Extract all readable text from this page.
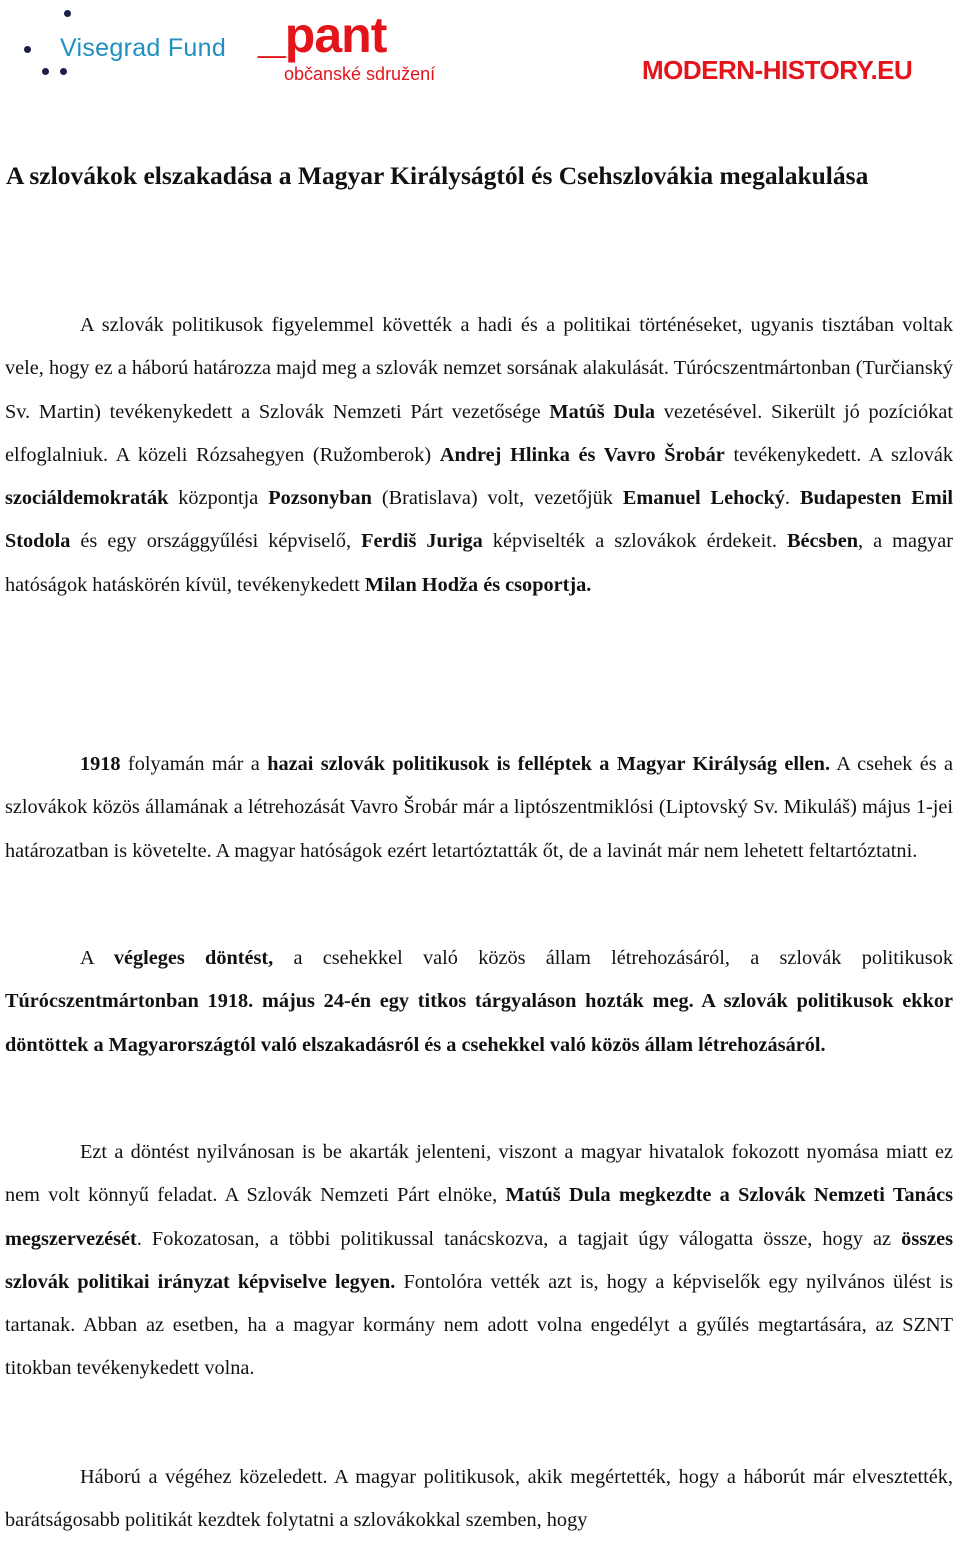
Visegrad Fund _pant
občanské sdružení	MODERN-HISTORY.EU
A szlovákok elszakadása a Magyar Királyságtól és Csehszlovákia megalakulása

A szlovák politikusok figyelemmel követték a hadi és a politikai történéseket, ugyanis tisztában voltak vele, hogy ez a háború határozza majd meg a szlovák nemzet sorsának alakulását. Túrócszentmártonban (Turčianský Sv. Martin) tevékenykedett a Szlovák Nemzeti Párt vezetősége Matúš Dula vezetésével. Sikerült jó pozíciókat elfoglalniuk. A közeli Rózsahegyen (Ružomberok) Andrej Hlinka és Vavro Šrobár tevékenykedett. A szlovák szociáldemokraták központja Pozsonyban (Bratislava) volt, vezetőjük Emanuel Lehocký. Budapesten Emil Stodola és egy országgyűlési képviselő, Ferdiš Juriga képviselték a szlovákok érdekeit. Bécsben, a magyar hatóságok hatáskörén kívül, tevékenykedett Milan Hodža és csoportja.

1918 folyamán már a hazai szlovák politikusok is felléptek a Magyar Királyság ellen. A csehek és a szlovákok közös államának a létrehozását Vavro Šrobár már a liptószentmiklósi (Liptovský Sv. Mikuláš) május 1-jei határozatban is követelte. A magyar hatóságok ezért letartóztatták őt, de a lavinát már nem lehetett feltartóztatni.

A végleges döntést, a csehekkel való közös állam létrehozásáról, a szlovák politikusok Túrócszentmártonban 1918. május 24-én egy titkos tárgyaláson hozták meg. A szlovák politikusok ekkor döntöttek a Magyarországtól való elszakadásról és a csehekkel való közös állam létrehozásáról.

Ezt a döntést nyilvánosan is be akarták jelenteni, viszont a magyar hivatalok fokozott nyomása miatt ez nem volt könnyű feladat. A Szlovák Nemzeti Párt elnöke, Matúš Dula megkezdte a Szlovák Nemzeti Tanács megszervezését. Fokozatosan, a többi politikussal tanácskozva, a tagjait úgy válogatta össze, hogy az összes szlovák politikai irányzat képviselve legyen. Fontolóra vették azt is, hogy a képviselők egy nyilvános ülést is tartanak. Abban az esetben, ha a magyar kormány nem adott volna engedélyt a gyűlés megtartására, az SZNT titokban tevékenykedett volna.

Háború a végéhez közeledett. A magyar politikusok, akik megértették, hogy a háborút már elvesztették, barátságosabb politikát kezdtek folytatni a szlovákokkal szemben, hogy
